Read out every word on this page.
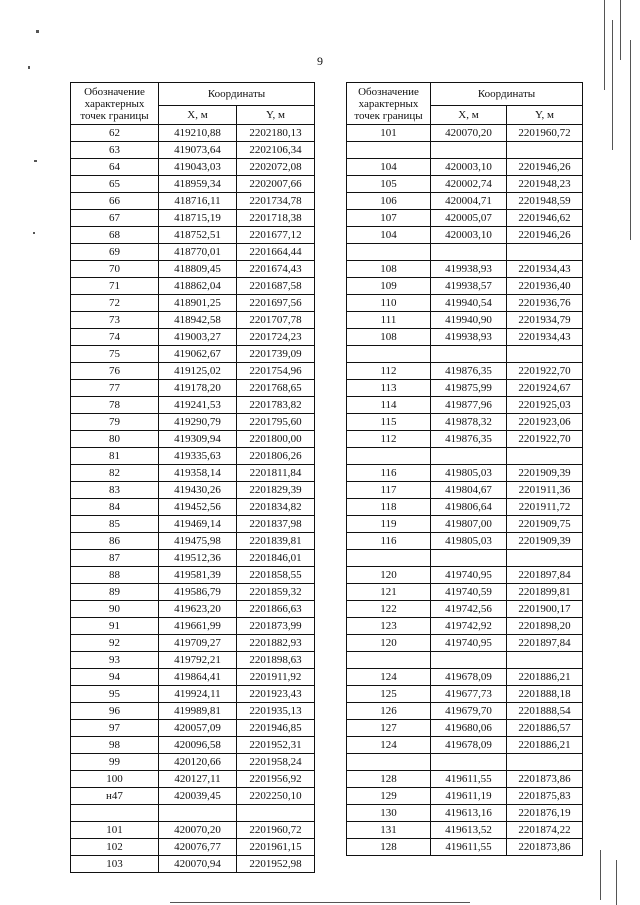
9
Обозначение характерных точек границы	Координаты	
	X, м	Y, м
62	419210,88	2202180,13
63	419073,64	2202106,34
64	419043,03	2202072,08
65	418959,34	2202007,66
66	418716,11	2201734,78
67	418715,19	2201718,38
68	418752,51	2201677,12
69	418770,01	2201664,44
70	418809,45	2201674,43
71	418862,04	2201687,58
72	418901,25	2201697,56
73	418942,58	2201707,78
74	419003,27	2201724,23
75	419062,67	2201739,09
76	419125,02	2201754,96
77	419178,20	2201768,65
78	419241,53	2201783,82
79	419290,79	2201795,60
80	419309,94	2201800,00
81	419335,63	2201806,26
82	419358,14	2201811,84
83	419430,26	2201829,39
84	419452,56	2201834,82
85	419469,14	2201837,98
86	419475,98	2201839,81
87	419512,36	2201846,01
88	419581,39	2201858,55
89	419586,79	2201859,32
90	419623,20	2201866,63
91	419661,99	2201873,99
92	419709,27	2201882,93
93	419792,21	2201898,63
94	419864,41	2201911,92
95	419924,11	2201923,43
96	419989,81	2201935,13
97	420057,09	2201946,85
98	420096,58	2201952,31
99	420120,66	2201958,24
100	420127,11	2201956,92
н47	420039,45	2202250,10

101	420070,20	2201960,72
102	420076,77	2201961,15
103	420070,94	2201952,98
Обозначение характерных точек границы	Координаты	
	X, м	Y, м
101	420070,20	2201960,72

104	420003,10	2201946,26
105	420002,74	2201948,23
106	420004,71	2201948,59
107	420005,07	2201946,62
104	420003,10	2201946,26

108	419938,93	2201934,43
109	419938,57	2201936,40
110	419940,54	2201936,76
111	419940,90	2201934,79
108	419938,93	2201934,43

112	419876,35	2201922,70
113	419875,99	2201924,67
114	419877,96	2201925,03
115	419878,32	2201923,06
112	419876,35	2201922,70

116	419805,03	2201909,39
117	419804,67	2201911,36
118	419806,64	2201911,72
119	419807,00	2201909,75
116	419805,03	2201909,39

120	419740,95	2201897,84
121	419740,59	2201899,81
122	419742,56	2201900,17
123	419742,92	2201898,20
120	419740,95	2201897,84

124	419678,09	2201886,21
125	419677,73	2201888,18
126	419679,70	2201888,54
127	419680,06	2201886,57
124	419678,09	2201886,21

128	419611,55	2201873,86
129	419611,19	2201875,83
130	419613,16	2201876,19
131	419613,52	2201874,22
128	419611,55	2201873,86
